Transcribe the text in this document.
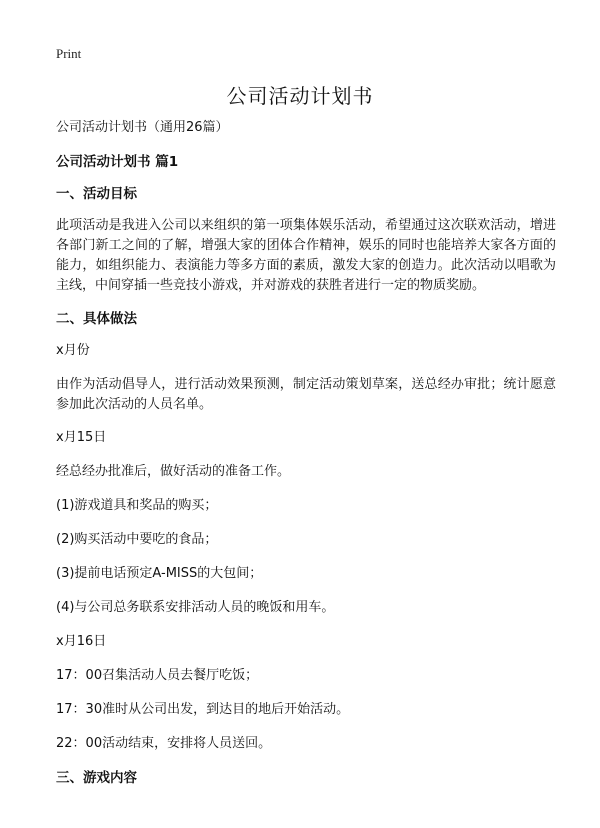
Print
公司活动计划书
公司活动计划书（通用26篇）
公司活动计划书 篇1
一、活动目标
此项活动是我进入公司以来组织的第一项集体娱乐活动，希望通过这次联欢活动，增进各部门新工之间的了解，增强大家的团体合作精神，娱乐的同时也能培养大家各方面的能力，如组织能力、表演能力等多方面的素质，激发大家的创造力。此次活动以唱歌为主线，中间穿插一些竞技小游戏，并对游戏的获胜者进行一定的物质奖励。
二、具体做法
x月份
由作为活动倡导人，进行活动效果预测，制定活动策划草案，送总经办审批；统计愿意参加此次活动的人员名单。
x月15日
经总经办批准后，做好活动的准备工作。
(1)游戏道具和奖品的购买；
(2)购买活动中要吃的食品；
(3)提前电话预定A-MISS的大包间；
(4)与公司总务联系安排活动人员的晚饭和用车。
x月16日
17：00召集活动人员去餐厅吃饭；
17：30准时从公司出发，到达目的地后开始活动。
22：00活动结束，安排将人员送回。
三、游戏内容
